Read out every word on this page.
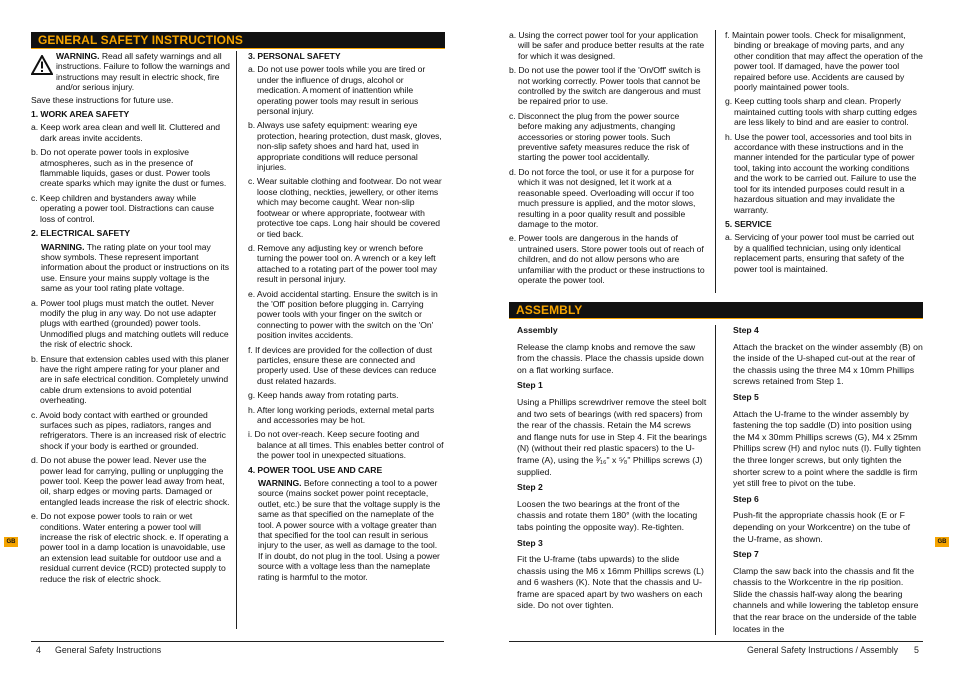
GENERAL SAFETY INSTRUCTIONS

WARNING. Read all safety warnings and all instructions. Failure to follow the warnings and instructions may result in electric shock, fire and/or serious injury.

Save these instructions for future use.

1. WORK AREA SAFETY

a. Keep work area clean and well lit. Cluttered and dark areas invite accidents.

b. Do not operate power tools in explosive atmospheres, such as in the presence of flammable liquids, gases or dust. Power tools create sparks which may ignite the dust or fumes.

c. Keep children and bystanders away while operating a power tool. Distractions can cause loss of control.

2. ELECTRICAL SAFETY

WARNING. The rating plate on your tool may show symbols. These represent important information about the product or instructions on its use. Ensure your mains supply voltage is the same as your tool rating plate voltage.

a. Power tool plugs must match the outlet. Never modify the plug in any way. Do not use adapter plugs with earthed (grounded) power tools. Unmodified plugs and matching outlets will reduce the risk of electric shock.

b. Ensure that extension cables used with this planer have the right ampere rating for your planer and are in safe electrical condition. Completely unwind cable drum extensions to avoid potential overheating.

c. Avoid body contact with earthed or grounded surfaces such as pipes, radiators, ranges and refrigerators. There is an increased risk of electric shock if your body is earthed or grounded.

d. Do not abuse the power lead. Never use the power lead for carrying, pulling or unplugging the power tool. Keep the power lead away from heat, oil, sharp edges or moving parts. Damaged or entangled leads increase the risk of electric shock.

e. Do not expose power tools to rain or wet conditions. Water entering a power tool will increase the risk of electric shock. e. If operating a power tool in a damp location is unavoidable, use an extension lead suitable for outdoor use and a residual current device (RCD) protected supply to reduce the risk of electric shock.

3. PERSONAL SAFETY

a. Do not use power tools while you are tired or under the influence of drugs, alcohol or medication. A moment of inattention while operating power tools may result in serious personal injury.

b. Always use safety equipment: wearing eye protection, hearing protection, dust mask, gloves, non-slip safety shoes and hard hat, used in appropriate conditions will reduce personal injuries.

c. Wear suitable clothing and footwear. Do not wear loose clothing, neckties, jewellery, or other items which may become caught. Wear non-slip footwear or where appropriate, footwear with protective toe caps. Long hair should be covered or tied back.

d. Remove any adjusting key or wrench before turning the power tool on. A wrench or a key left attached to a rotating part of the power tool may result in personal injury.

e. Avoid accidental starting. Ensure the switch is in the 'Off' position before plugging in. Carrying power tools with your finger on the switch or connecting to power with the switch on the 'On' position invites accidents.

f. If devices are provided for the collection of dust particles, ensure these are connected and properly used. Use of these devices can reduce dust related hazards.

g. Keep hands away from rotating parts.

h. After long working periods, external metal parts and accessories may be hot.

i. Do not over-reach. Keep secure footing and balance at all times. This enables better control of the power tool in unexpected situations.

4. POWER TOOL USE AND CARE

WARNING. Before connecting a tool to a power source (mains socket power point receptacle, outlet, etc.) be sure that the voltage supply is the same as that specified on the nameplate of the tool. A power source with a voltage greater than that specified for the tool can result in serious injury to the user, as well as damage to the tool. If in doubt, do not plug in the tool. Using a power source with a voltage less than the nameplate rating is harmful to the motor.

GB
4 General Safety Instructions

a. Using the correct power tool for your application will be safer and produce better results at the rate for which it was designed.

b. Do not use the power tool if the 'On/Off' switch is not working correctly. Power tools that cannot be controlled by the switch are dangerous and must be repaired prior to use.

c. Disconnect the plug from the power source before making any adjustments, changing accessories or storing power tools. Such preventive safety measures reduce the risk of starting the power tool accidentally.

d. Do not force the tool, or use it for a purpose for which it was not designed, let it work at a reasonable speed. Overloading will occur if too much pressure is applied, and the motor slows, resulting in a poor quality result and possible damage to the motor.

e. Power tools are dangerous in the hands of untrained users. Store power tools out of reach of children, and do not allow persons who are unfamiliar with the product or these instructions to operate the power tool.

f. Maintain power tools. Check for misalignment, binding or breakage of moving parts, and any other condition that may affect the operation of the power tool. If damaged, have the power tool repaired before use. Accidents are caused by poorly maintained power tools.

g. Keep cutting tools sharp and clean. Properly maintained cutting tools with sharp cutting edges are less likely to bind and are easier to control.

h. Use the power tool, accessories and tool bits in accordance with these instructions and in the manner intended for the particular type of power tool, taking into account the working conditions and the work to be carried out. Failure to use the tool for its intended purposes could result in a hazardous situation and may invalidate the warranty.

5. SERVICE

a. Servicing of your power tool must be carried out by a qualified technician, using only identical replacement parts, ensuring that safety of the power tool is maintained.

ASSEMBLY
Assembly

Release the clamp knobs and remove the saw from the chassis. Place the chassis upside down on a flat working surface.

Step 1

Using a Phillips screwdriver remove the steel bolt and two sets of bearings (with red spacers) from the rear of the chassis. Retain the M4 screws and flange nuts for use in Step 4. Fit the bearings (N) (without their red plastic spacers) to the U-frame (A), using the ³⁄₁₆" x ⁵⁄₈" Phillips screws (J) supplied.

Step 2

Loosen the two bearings at the front of the chassis and rotate them 180° (with the locating tabs pointing the opposite way). Re-tighten.

Step 3

Fit the U-frame (tabs upwards) to the slide chassis using the M6 x 16mm Phillips screws (L) and 6 washers (K). Note that the chassis and U-frame are spaced apart by two washers on each side. Do not over tighten.

Step 4

Attach the bracket on the winder assembly (B) on the inside of the U-shaped cut-out at the rear of the chassis using the three M4 x 10mm Phillips screws retained from Step 1.

Step 5

Attach the U-frame to the winder assembly by fastening the top saddle (D) into position using the M4 x 30mm Phillips screws (G), M4 x 25mm Phillips screw (H) and nyloc nuts (I). Fully tighten the three longer screws, but only tighten the shorter screw to a point where the saddle is firm yet still free to pivot on the tube.

Step 6

Push-fit the appropriate chassis hook (E or F depending on your Workcentre) on the tube of the U-frame, as shown.

Step 7

Clamp the saw back into the chassis and fit the chassis to the Workcentre in the rip position. Slide the chassis half-way along the bearing channels and while lowering the tabletop ensure that the rear brace on the underside of the table locates in the

GB
General Safety Instructions / Assembly 5
